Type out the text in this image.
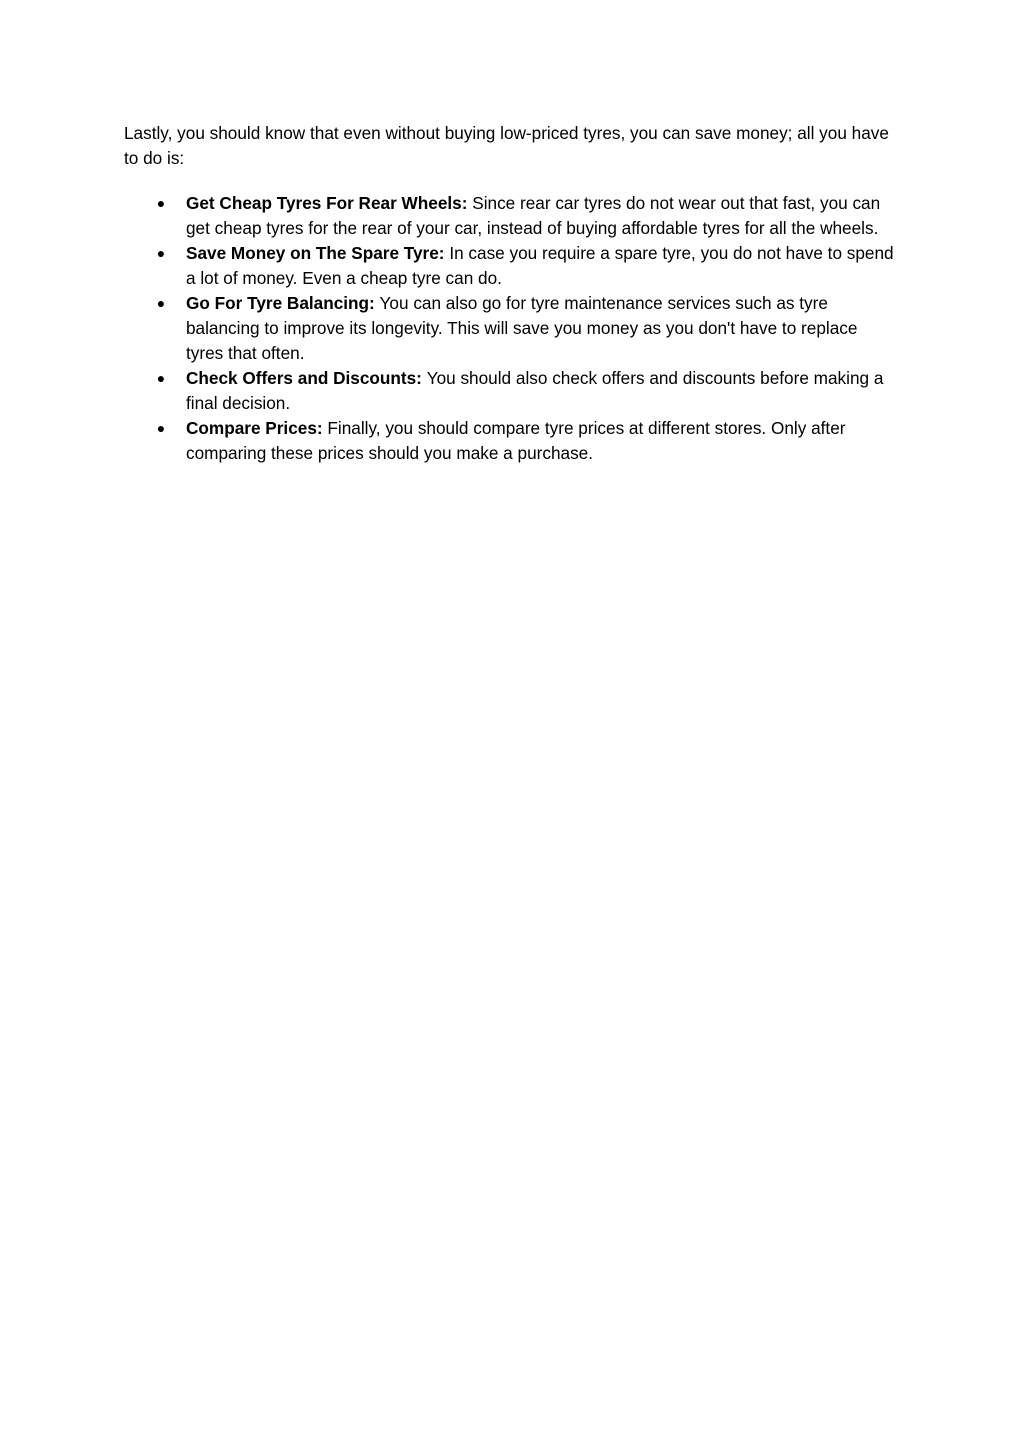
Lastly, you should know that even without buying low-priced tyres, you can save money; all you have to do is:

● Get Cheap Tyres For Rear Wheels: Since rear car tyres do not wear out that fast, you can get cheap tyres for the rear of your car, instead of buying affordable tyres for all the wheels.
● Save Money on The Spare Tyre: In case you require a spare tyre, you do not have to spend a lot of money. Even a cheap tyre can do.
● Go For Tyre Balancing: You can also go for tyre maintenance services such as tyre balancing to improve its longevity. This will save you money as you don't have to replace tyres that often.
● Check Offers and Discounts: You should also check offers and discounts before making a final decision.
● Compare Prices: Finally, you should compare tyre prices at different stores. Only after comparing these prices should you make a purchase.
